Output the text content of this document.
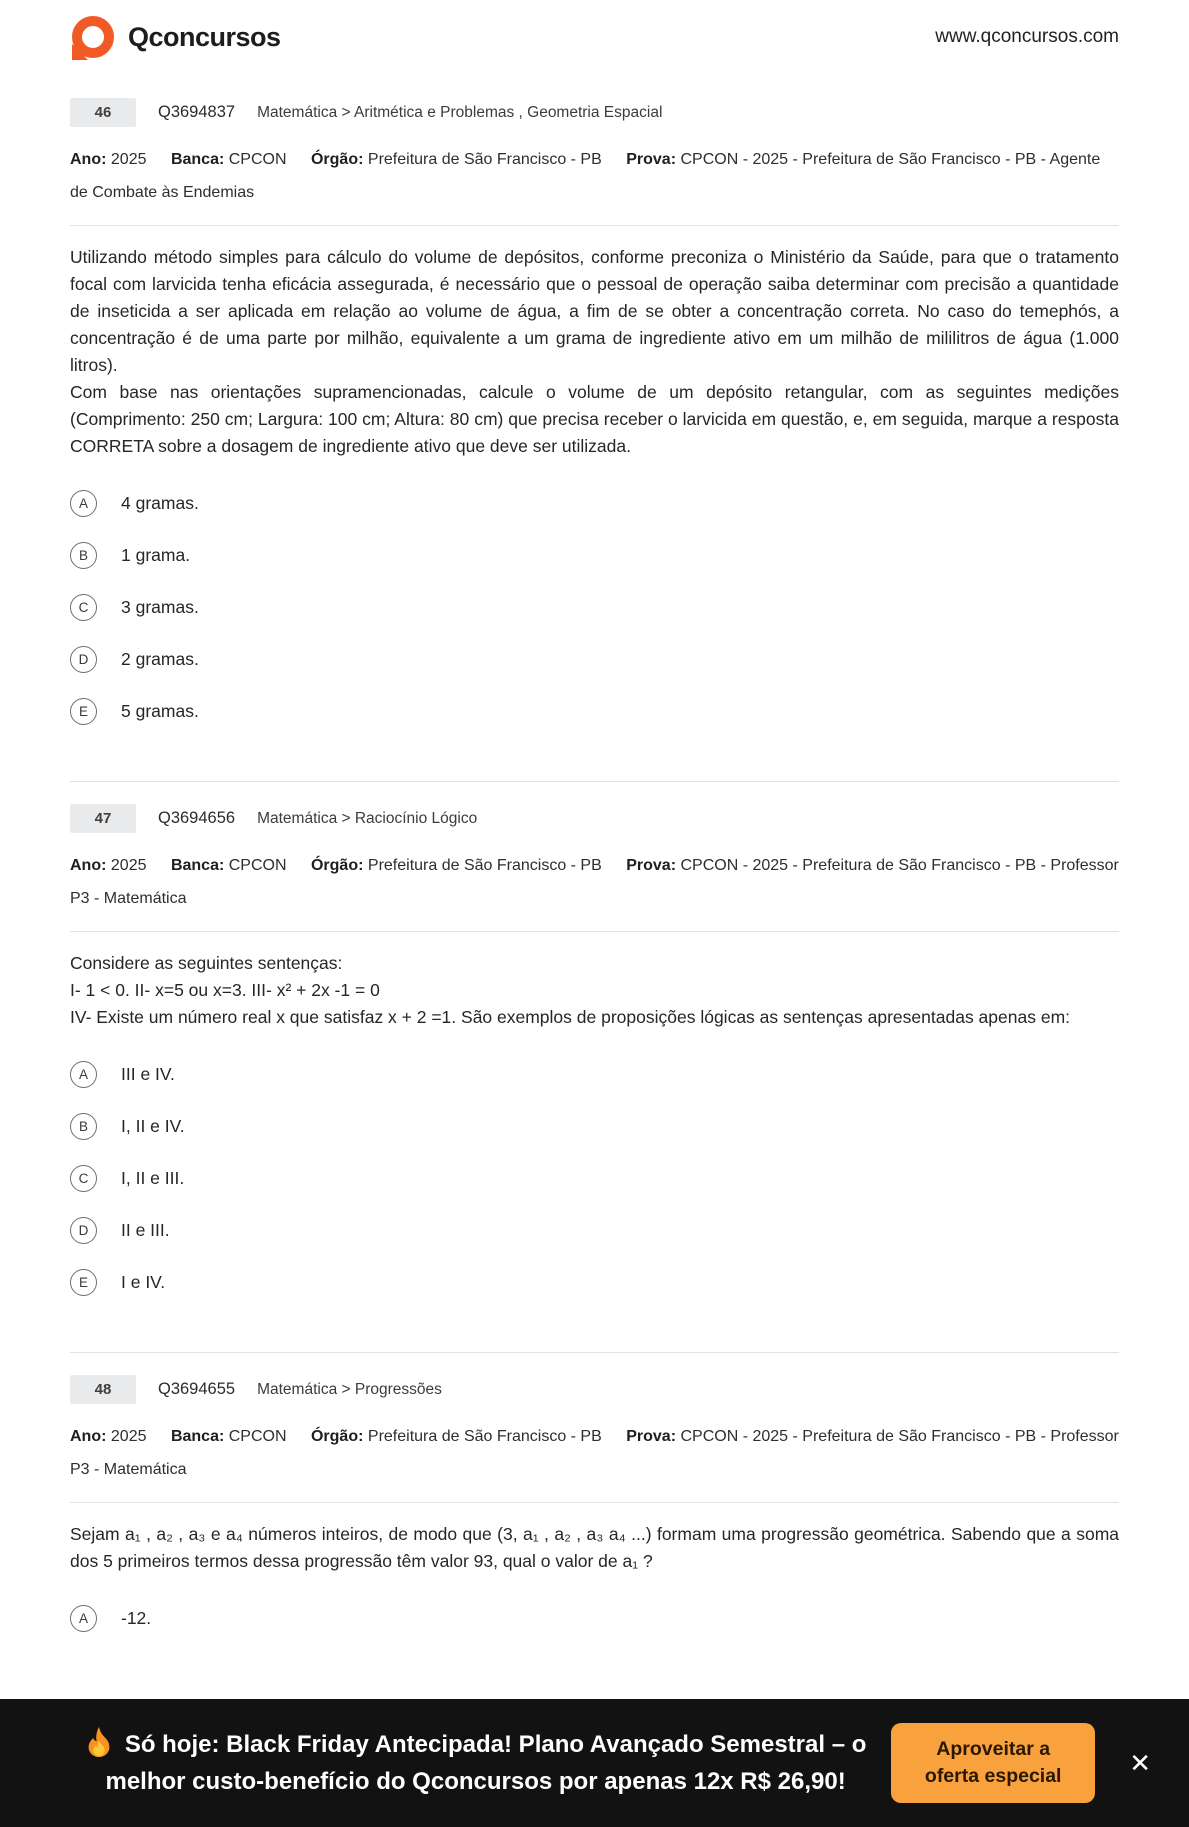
Qconcursos	www.qconcursos.com
46	Q3694837 Matemática > Aritmética e Problemas , Geometria Espacial
Ano: 2025 Banca: CPCON Órgão: Prefeitura de São Francisco - PB Prova: CPCON - 2025 - Prefeitura de São Francisco - PB - Agente de Combate às Endemias

Utilizando método simples para cálculo do volume de depósitos, conforme preconiza o Ministério da Saúde, para que o tratamento focal com larvicida tenha eficácia assegurada, é necessário que o pessoal de operação saiba determinar com precisão a quantidade de inseticida a ser aplicada em relação ao volume de água, a fim de se obter a concentração correta. No caso do temephós, a concentração é de uma parte por milhão, equivalente a um grama de ingrediente ativo em um milhão de mililitros de água (1.000 litros).

Com base nas orientações supramencionadas, calcule o volume de um depósito retangular, com as seguintes medições (Comprimento: 250 cm; Largura: 100 cm; Altura: 80 cm) que precisa receber o larvicida em questão, e, em seguida, marque a resposta CORRETA sobre a dosagem de ingrediente ativo que deve ser utilizada.

A	4 gramas.
B	1 grama.
C	3 gramas.
D	2 gramas.
E	5 gramas.
47	Q3694656 Matemática > Raciocínio Lógico
Ano: 2025 Banca: CPCON Órgão: Prefeitura de São Francisco - PB Prova: CPCON - 2025 - Prefeitura de São Francisco - PB - Professor P3 - Matemática

Considere as seguintes sentenças:

I- 1 < 0. II- x=5 ou x=3. III- x² + 2x -1 = 0

IV- Existe um número real x que satisfaz x + 2 =1. São exemplos de proposições lógicas as sentenças apresentadas apenas em:

A	III e IV.
B	I, II e IV.
C	I, II e III.
D	II e III.
E	I e IV.
48	Q3694655 Matemática > Progressões
Ano: 2025 Banca: CPCON Órgão: Prefeitura de São Francisco - PB Prova: CPCON - 2025 - Prefeitura de São Francisco - PB - Professor P3 - Matemática

Sejam a₁ , a₂ , a₃ e a₄ números inteiros, de modo que (3, a₁ , a₂ , a₃ a₄ ...) formam uma progressão geométrica. Sabendo que a soma dos 5 primeiros termos dessa progressão têm valor 93, qual o valor de a₁ ?

A	-12.
Só hoje: Black Friday Antecipada! Plano Avançado Semestral – o melhor custo-benefício do Qconcursos por apenas 12x R$ 26,90!
Aproveitar a oferta especial	✕
